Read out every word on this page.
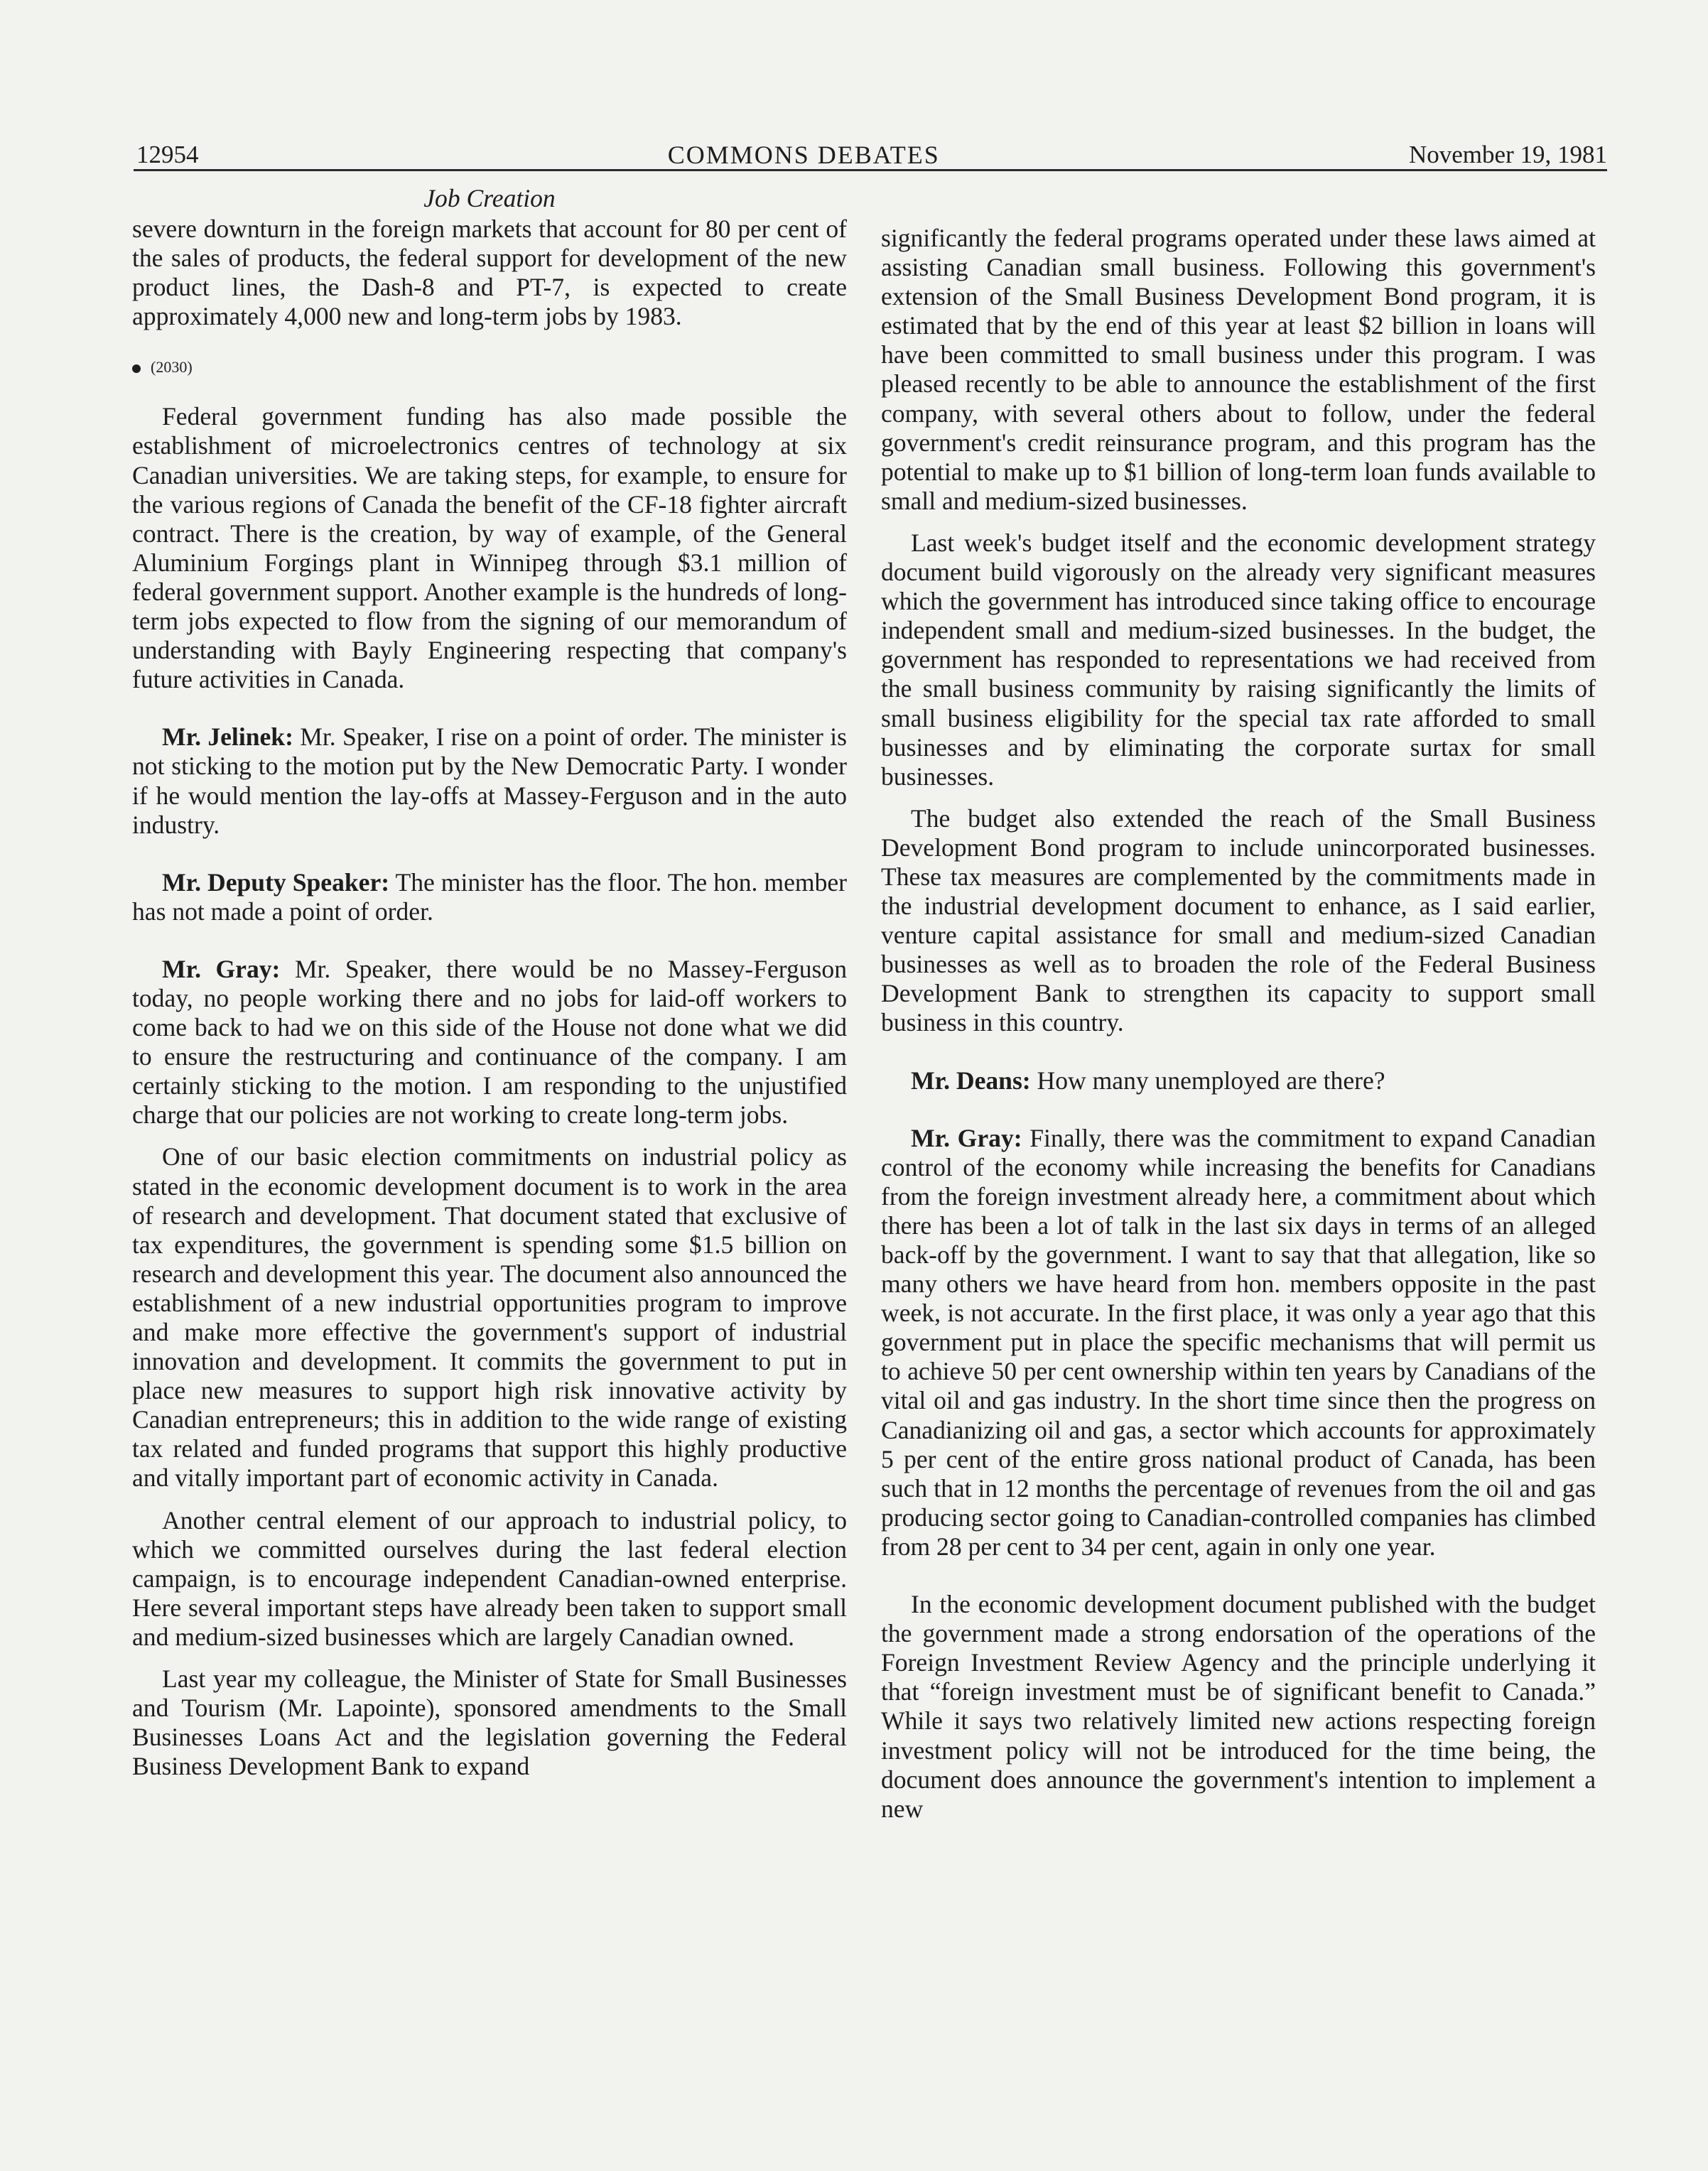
12954	COMMONS DEBATES	November 19, 1981
Job Creation

severe downturn in the foreign markets that account for 80 per cent of the sales of products, the federal support for development of the new product lines, the Dash-8 and PT-7, is expected to create approximately 4,000 new and long-term jobs by 1983.

(2030)

Federal government funding has also made possible the establishment of microelectronics centres of technology at six Canadian universities. We are taking steps, for example, to ensure for the various regions of Canada the benefit of the CF-18 fighter aircraft contract. There is the creation, by way of example, of the General Aluminium Forgings plant in Winnipeg through $3.1 million of federal government support. Another example is the hundreds of long-term jobs expected to flow from the signing of our memorandum of understanding with Bayly Engineering respecting that company's future activities in Canada.

Mr. Jelinek: Mr. Speaker, I rise on a point of order. The minister is not sticking to the motion put by the New Democratic Party. I wonder if he would mention the lay-offs at Massey-Ferguson and in the auto industry.

Mr. Deputy Speaker: The minister has the floor. The hon. member has not made a point of order.

Mr. Gray: Mr. Speaker, there would be no Massey-Ferguson today, no people working there and no jobs for laid-off workers to come back to had we on this side of the House not done what we did to ensure the restructuring and continuance of the company. I am certainly sticking to the motion. I am responding to the unjustified charge that our policies are not working to create long-term jobs.

One of our basic election commitments on industrial policy as stated in the economic development document is to work in the area of research and development. That document stated that exclusive of tax expenditures, the government is spending some $1.5 billion on research and development this year. The document also announced the establishment of a new industrial opportunities program to improve and make more effective the government's support of industrial innovation and development. It commits the government to put in place new measures to support high risk innovative activity by Canadian entrepreneurs; this in addition to the wide range of existing tax related and funded programs that support this highly productive and vitally important part of economic activity in Canada.

Another central element of our approach to industrial policy, to which we committed ourselves during the last federal election campaign, is to encourage independent Canadian-owned enterprise. Here several important steps have already been taken to support small and medium-sized businesses which are largely Canadian owned.

Last year my colleague, the Minister of State for Small Businesses and Tourism (Mr. Lapointe), sponsored amendments to the Small Businesses Loans Act and the legislation governing the Federal Business Development Bank to expand

significantly the federal programs operated under these laws aimed at assisting Canadian small business. Following this government's extension of the Small Business Development Bond program, it is estimated that by the end of this year at least $2 billion in loans will have been committed to small business under this program. I was pleased recently to be able to announce the establishment of the first company, with several others about to follow, under the federal government's credit reinsurance program, and this program has the potential to make up to $1 billion of long-term loan funds available to small and medium-sized businesses.

Last week's budget itself and the economic development strategy document build vigorously on the already very significant measures which the government has introduced since taking office to encourage independent small and medium-sized businesses. In the budget, the government has responded to representations we had received from the small business community by raising significantly the limits of small business eligibility for the special tax rate afforded to small businesses and by eliminating the corporate surtax for small businesses.

The budget also extended the reach of the Small Business Development Bond program to include unincorporated businesses. These tax measures are complemented by the commitments made in the industrial development document to enhance, as I said earlier, venture capital assistance for small and medium-sized Canadian businesses as well as to broaden the role of the Federal Business Development Bank to strengthen its capacity to support small business in this country.

Mr. Deans: How many unemployed are there?

Mr. Gray: Finally, there was the commitment to expand Canadian control of the economy while increasing the benefits for Canadians from the foreign investment already here, a commitment about which there has been a lot of talk in the last six days in terms of an alleged back-off by the government. I want to say that that allegation, like so many others we have heard from hon. members opposite in the past week, is not accurate. In the first place, it was only a year ago that this government put in place the specific mechanisms that will permit us to achieve 50 per cent ownership within ten years by Canadians of the vital oil and gas industry. In the short time since then the progress on Canadianizing oil and gas, a sector which accounts for approximately 5 per cent of the entire gross national product of Canada, has been such that in 12 months the percentage of revenues from the oil and gas producing sector going to Canadian-controlled companies has climbed from 28 per cent to 34 per cent, again in only one year.

In the economic development document published with the budget the government made a strong endorsation of the operations of the Foreign Investment Review Agency and the principle underlying it that “foreign investment must be of significant benefit to Canada.” While it says two relatively limited new actions respecting foreign investment policy will not be introduced for the time being, the document does announce the government's intention to implement a new
